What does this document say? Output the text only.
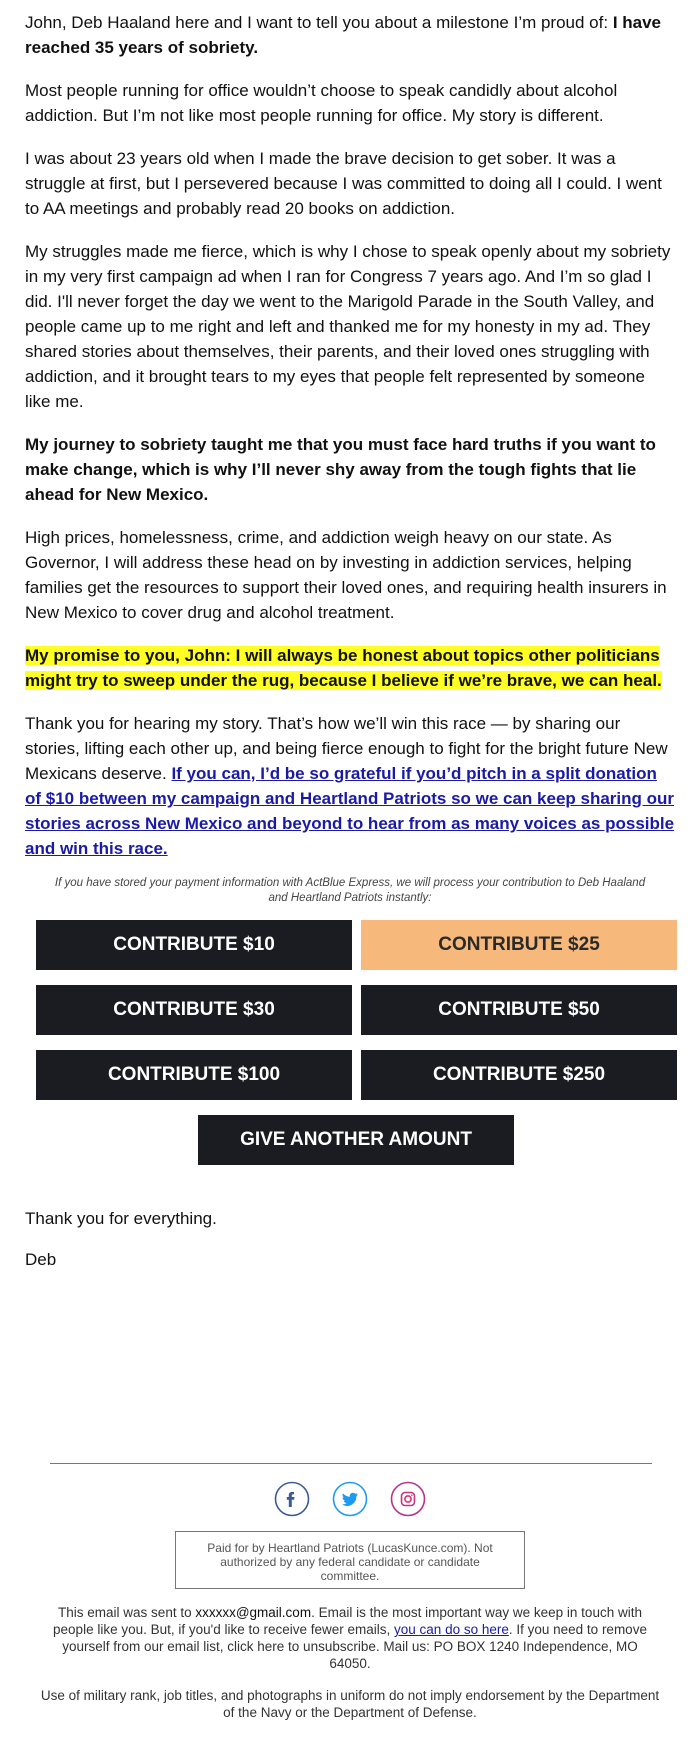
John, Deb Haaland here and I want to tell you about a milestone I’m proud of: I have reached 35 years of sobriety.

Most people running for office wouldn’t choose to speak candidly about alcohol addiction. But I’m not like most people running for office. My story is different.

I was about 23 years old when I made the brave decision to get sober. It was a struggle at first, but I persevered because I was committed to doing all I could. I went to AA meetings and probably read 20 books on addiction.

My struggles made me fierce, which is why I chose to speak openly about my sobriety in my very first campaign ad when I ran for Congress 7 years ago. And I’m so glad I did. I'll never forget the day we went to the Marigold Parade in the South Valley, and people came up to me right and left and thanked me for my honesty in my ad. They shared stories about themselves, their parents, and their loved ones struggling with addiction, and it brought tears to my eyes that people felt represented by someone like me.

My journey to sobriety taught me that you must face hard truths if you want to make change, which is why I’ll never shy away from the tough fights that lie ahead for New Mexico.

High prices, homelessness, crime, and addiction weigh heavy on our state. As Governor, I will address these head on by investing in addiction services, helping families get the resources to support their loved ones, and requiring health insurers in New Mexico to cover drug and alcohol treatment.

My promise to you, John: I will always be honest about topics other politicians might try to sweep under the rug, because I believe if we’re brave, we can heal.

Thank you for hearing my story. That’s how we’ll win this race — by sharing our stories, lifting each other up, and being fierce enough to fight for the bright future New Mexicans deserve. If you can, I’d be so grateful if you’d pitch in a split donation of $10 between my campaign and Heartland Patriots so we can keep sharing our stories across New Mexico and beyond to hear from as many voices as possible and win this race.

If you have stored your payment information with ActBlue Express, we will process your contribution to Deb Haaland and Heartland Patriots instantly:
CONTRIBUTE $10	CONTRIBUTE $25
CONTRIBUTE $30	CONTRIBUTE $50
CONTRIBUTE $100	CONTRIBUTE $250
GIVE ANOTHER AMOUNT
Thank you for everything.
Deb

Paid for by Heartland Patriots (LucasKunce.com). Not authorized by any federal candidate or candidate committee.

This email was sent to xxxxxx@gmail.com. Email is the most important way we keep in touch with people like you. But, if you'd like to receive fewer emails, you can do so here. If you need to remove yourself from our email list, click here to unsubscribe. Mail us: PO BOX 1240 Independence, MO 64050.

Use of military rank, job titles, and photographs in uniform do not imply endorsement by the Department of the Navy or the Department of Defense.
